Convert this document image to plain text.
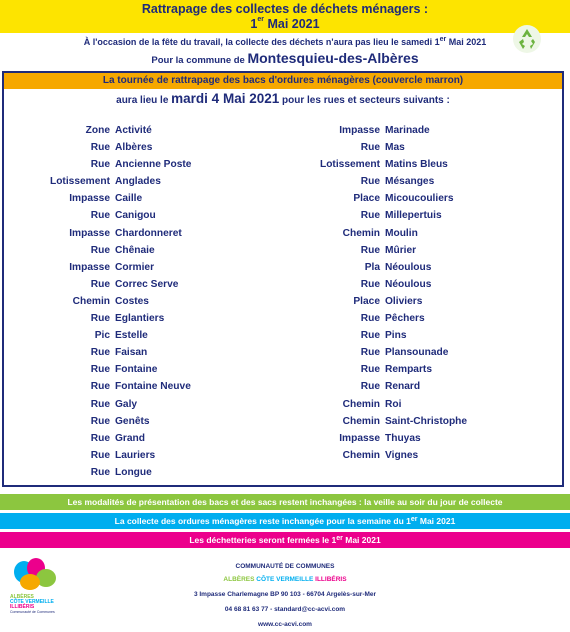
Rattrapage des collectes de déchets ménagers :
1er Mai 2021
À l'occasion de la fête du travail, la collecte des déchets n'aura pas lieu le samedi 1er Mai 2021
Pour la commune de Montesquieu-des-Albères
La tournée de rattrapage des bacs d'ordures ménagères (couvercle marron)
aura lieu le mardi 4 Mai 2021 pour les rues et secteurs suivants :
Zone Activité
Rue Albères
Rue Ancienne Poste
Lotissement Anglades
Impasse Caille
Rue Canigou
Impasse Chardonneret
Rue Chênaie
Impasse Cormier
Rue Correc Serve
Chemin Costes
Rue Eglantiers
Pic Estelle
Rue Faisan
Rue Fontaine
Rue Fontaine Neuve
Rue Galy
Rue Genêts
Rue Grand
Rue Lauriers
Rue Longue
Impasse Marinade
Rue Mas
Lotissement Matins Bleus
Rue Mésanges
Place Micoucouliers
Rue Millepertuis
Chemin Moulin
Rue Mûrier
Pla Néoulous
Rue Néoulous
Place Oliviers
Rue Pêchers
Rue Pins
Rue Plansounade
Rue Remparts
Rue Renard
Chemin Roi
Chemin Saint-Christophe
Impasse Thuyas
Chemin Vignes
Les modalités de présentation des bacs et des sacs restent inchangées : la veille au soir du jour de collecte
La collecte des ordures ménagères reste inchangée pour la semaine du 1er Mai 2021
Les déchetteries seront fermées le 1er Mai 2021
ALBÈRES
CÔTE VERMEILLE
ILLIBÉRIS
Communauté de Communes
COMMUNAUTÉ DE COMMUNES
ALBÈRES CÔTE VERMEILLE ILLIBÉRIS
3 Impasse Charlemagne BP 90 103 - 66704 Argelès-sur-Mer
04 68 81 63 77 - standard@cc-acvi.com
www.cc-acvi.com
